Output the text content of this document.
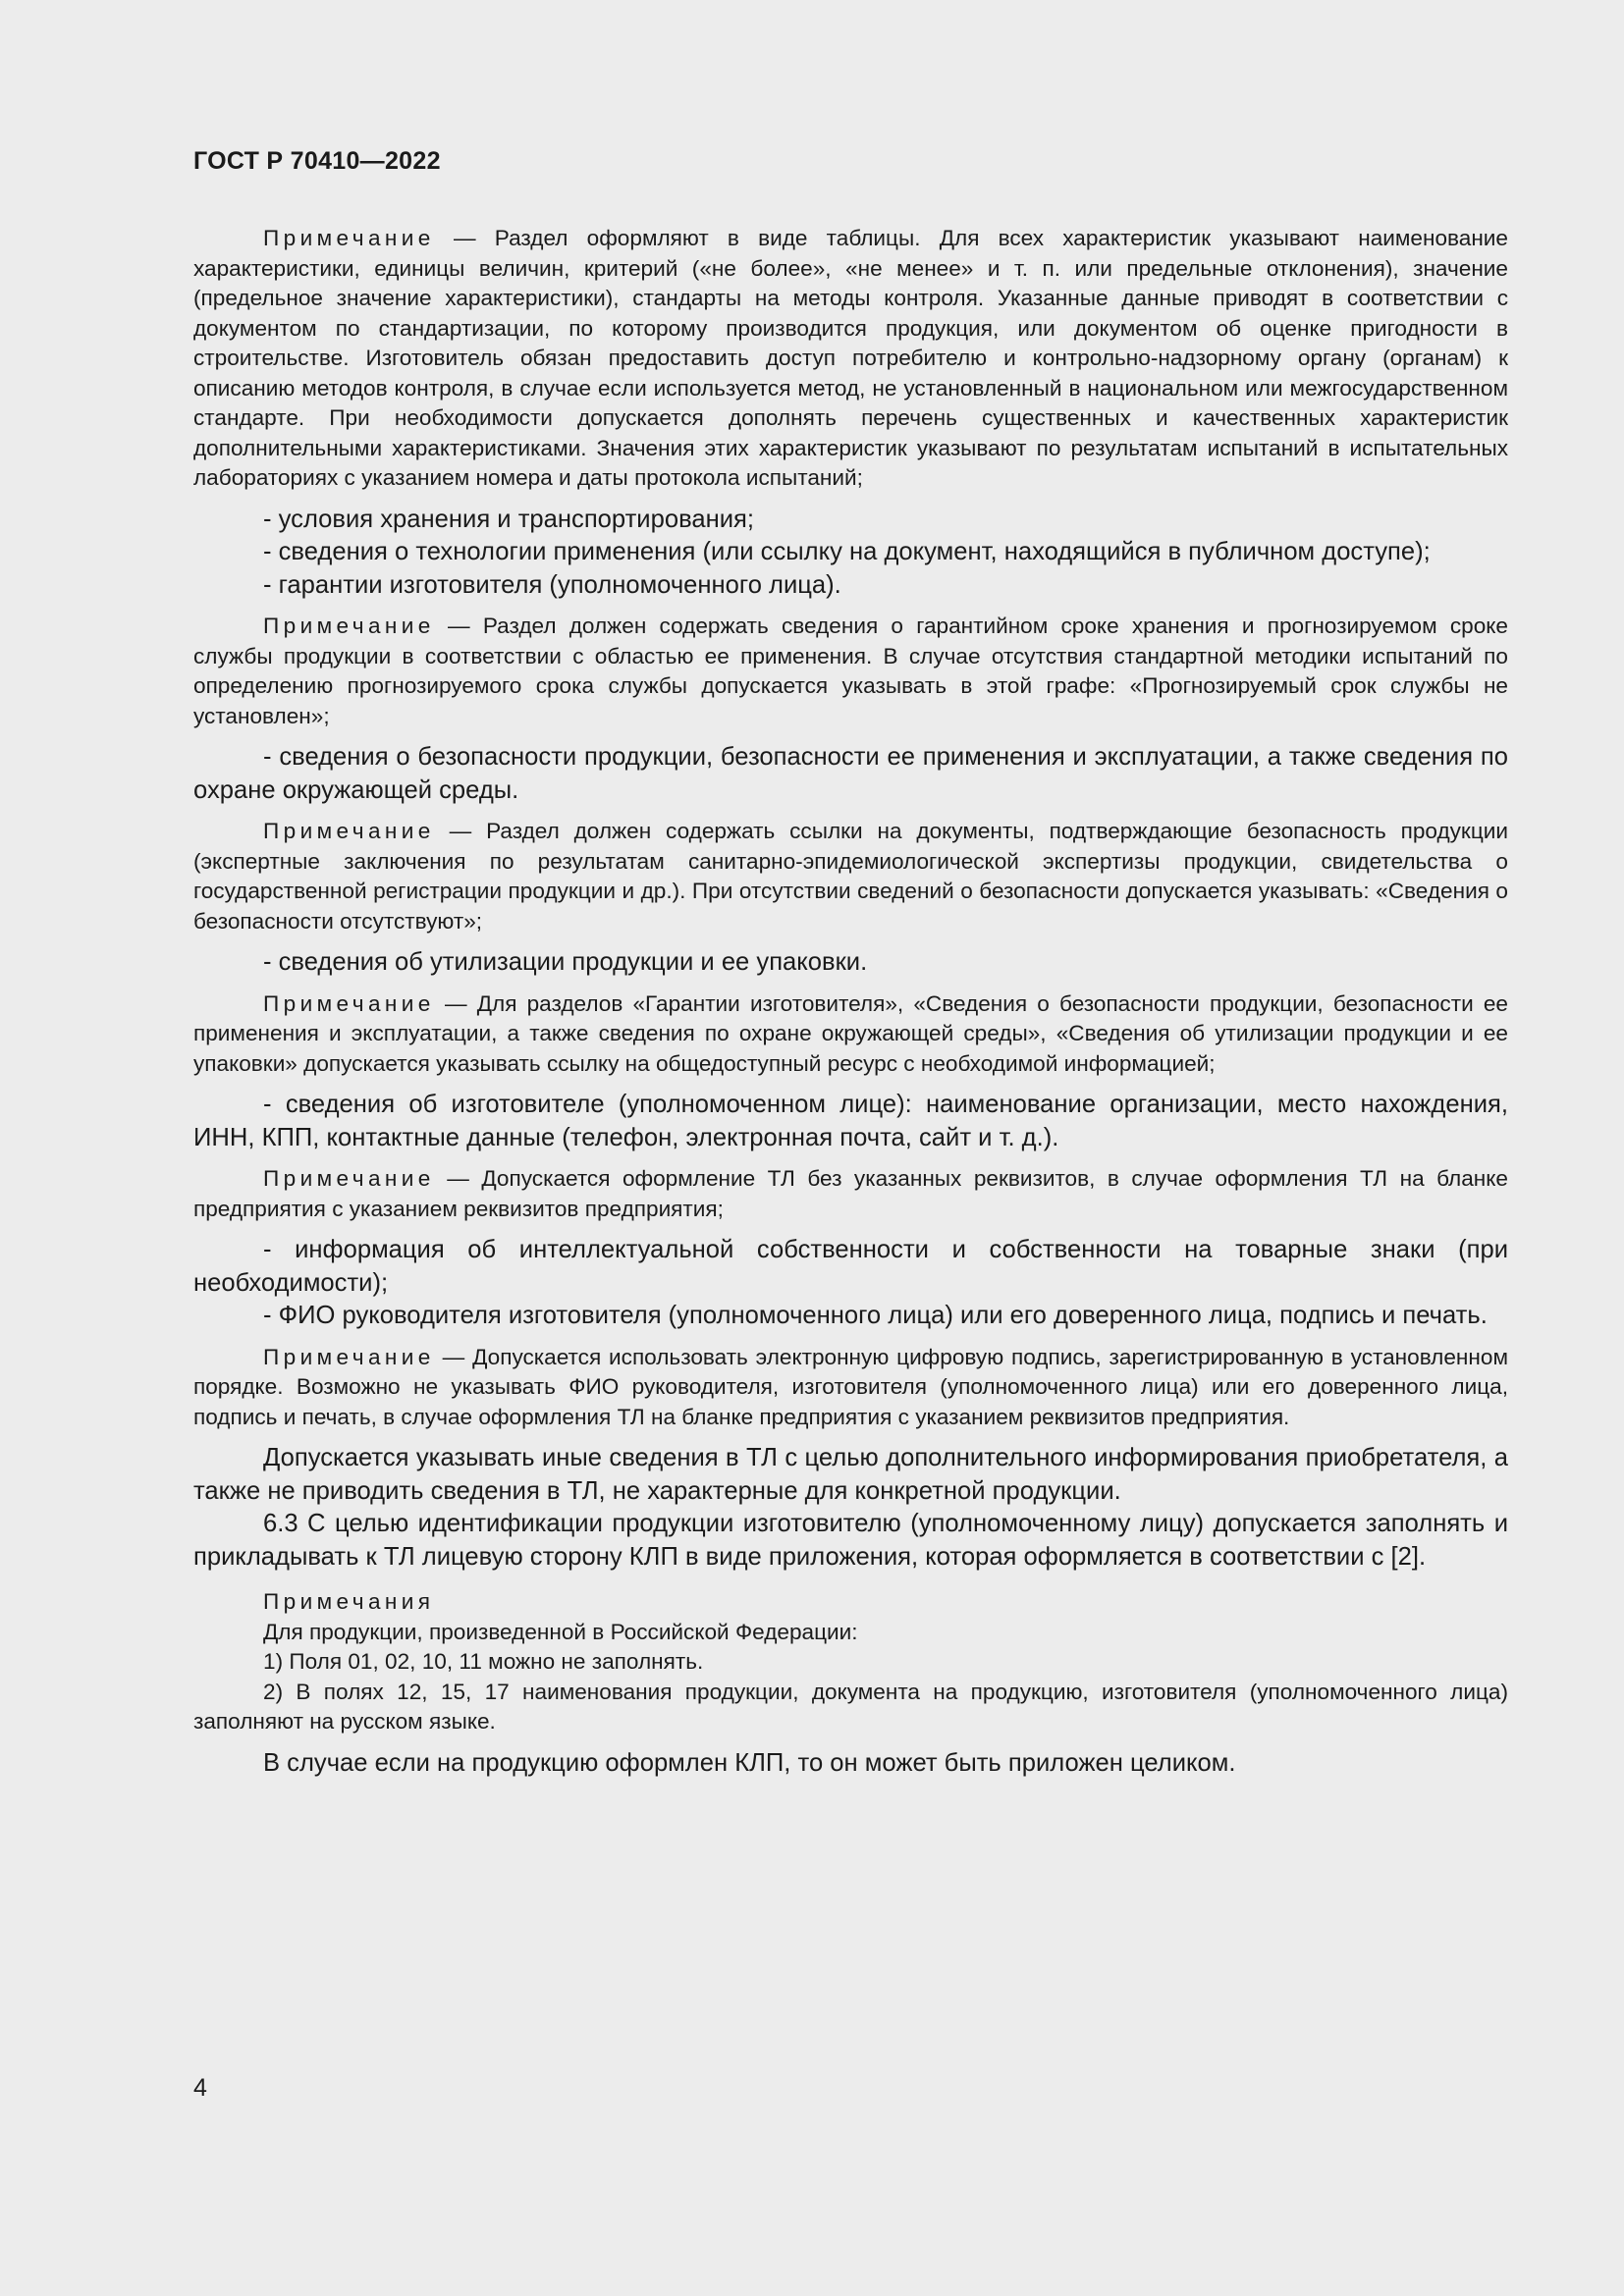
ГОСТ Р 70410—2022

Примечание — Раздел оформляют в виде таблицы. Для всех характеристик указывают наименование характеристики, единицы величин, критерий («не более», «не менее» и т. п. или предельные отклонения), значение (предельное значение характеристики), стандарты на методы контроля. Указанные данные приводят в соответствии с документом по стандартизации, по которому производится продукция, или документом об оценке пригодности в строительстве. Изготовитель обязан предоставить доступ потребителю и контрольно-надзорному органу (органам) к описанию методов контроля, в случае если используется метод, не установленный в национальном или межгосударственном стандарте. При необходимости допускается дополнять перечень существенных и качественных характеристик дополнительными характеристиками. Значения этих характеристик указывают по результатам испытаний в испытательных лабораториях с указанием номера и даты протокола испытаний;

- условия хранения и транспортирования;

- сведения о технологии применения (или ссылку на документ, находящийся в публичном доступе);

- гарантии изготовителя (уполномоченного лица).

Примечание — Раздел должен содержать сведения о гарантийном сроке хранения и прогнозируемом сроке службы продукции в соответствии с областью ее применения. В случае отсутствия стандартной методики испытаний по определению прогнозируемого срока службы допускается указывать в этой графе: «Прогнозируемый срок службы не установлен»;

- сведения о безопасности продукции, безопасности ее применения и эксплуатации, а также сведения по охране окружающей среды.

Примечание — Раздел должен содержать ссылки на документы, подтверждающие безопасность продукции (экспертные заключения по результатам санитарно-эпидемиологической экспертизы продукции, свидетельства о государственной регистрации продукции и др.). При отсутствии сведений о безопасности допускается указывать: «Сведения о безопасности отсутствуют»;

- сведения об утилизации продукции и ее упаковки.

Примечание — Для разделов «Гарантии изготовителя», «Сведения о безопасности продукции, безопасности ее применения и эксплуатации, а также сведения по охране окружающей среды», «Сведения об утилизации продукции и ее упаковки» допускается указывать ссылку на общедоступный ресурс с необходимой информацией;

- сведения об изготовителе (уполномоченном лице): наименование организации, место нахождения, ИНН, КПП, контактные данные (телефон, электронная почта, сайт и т. д.).

Примечание — Допускается оформление ТЛ без указанных реквизитов, в случае оформления ТЛ на бланке предприятия с указанием реквизитов предприятия;

- информация об интеллектуальной собственности и собственности на товарные знаки (при необходимости);

- ФИО руководителя изготовителя (уполномоченного лица) или его доверенного лица, подпись и печать.

Примечание — Допускается использовать электронную цифровую подпись, зарегистрированную в установленном порядке. Возможно не указывать ФИО руководителя, изготовителя (уполномоченного лица) или его доверенного лица, подпись и печать, в случае оформления ТЛ на бланке предприятия с указанием реквизитов предприятия.

Допускается указывать иные сведения в ТЛ с целью дополнительного информирования приобретателя, а также не приводить сведения в ТЛ, не характерные для конкретной продукции.

6.3 С целью идентификации продукции изготовителю (уполномоченному лицу) допускается заполнять и прикладывать к ТЛ лицевую сторону КЛП в виде приложения, которая оформляется в соответствии с [2].

Примечания

Для продукции, произведенной в Российской Федерации:

1) Поля 01, 02, 10, 11 можно не заполнять.

2) В полях 12, 15, 17 наименования продукции, документа на продукцию, изготовителя (уполномоченного лица) заполняют на русском языке.

В случае если на продукцию оформлен КЛП, то он может быть приложен целиком.

4
